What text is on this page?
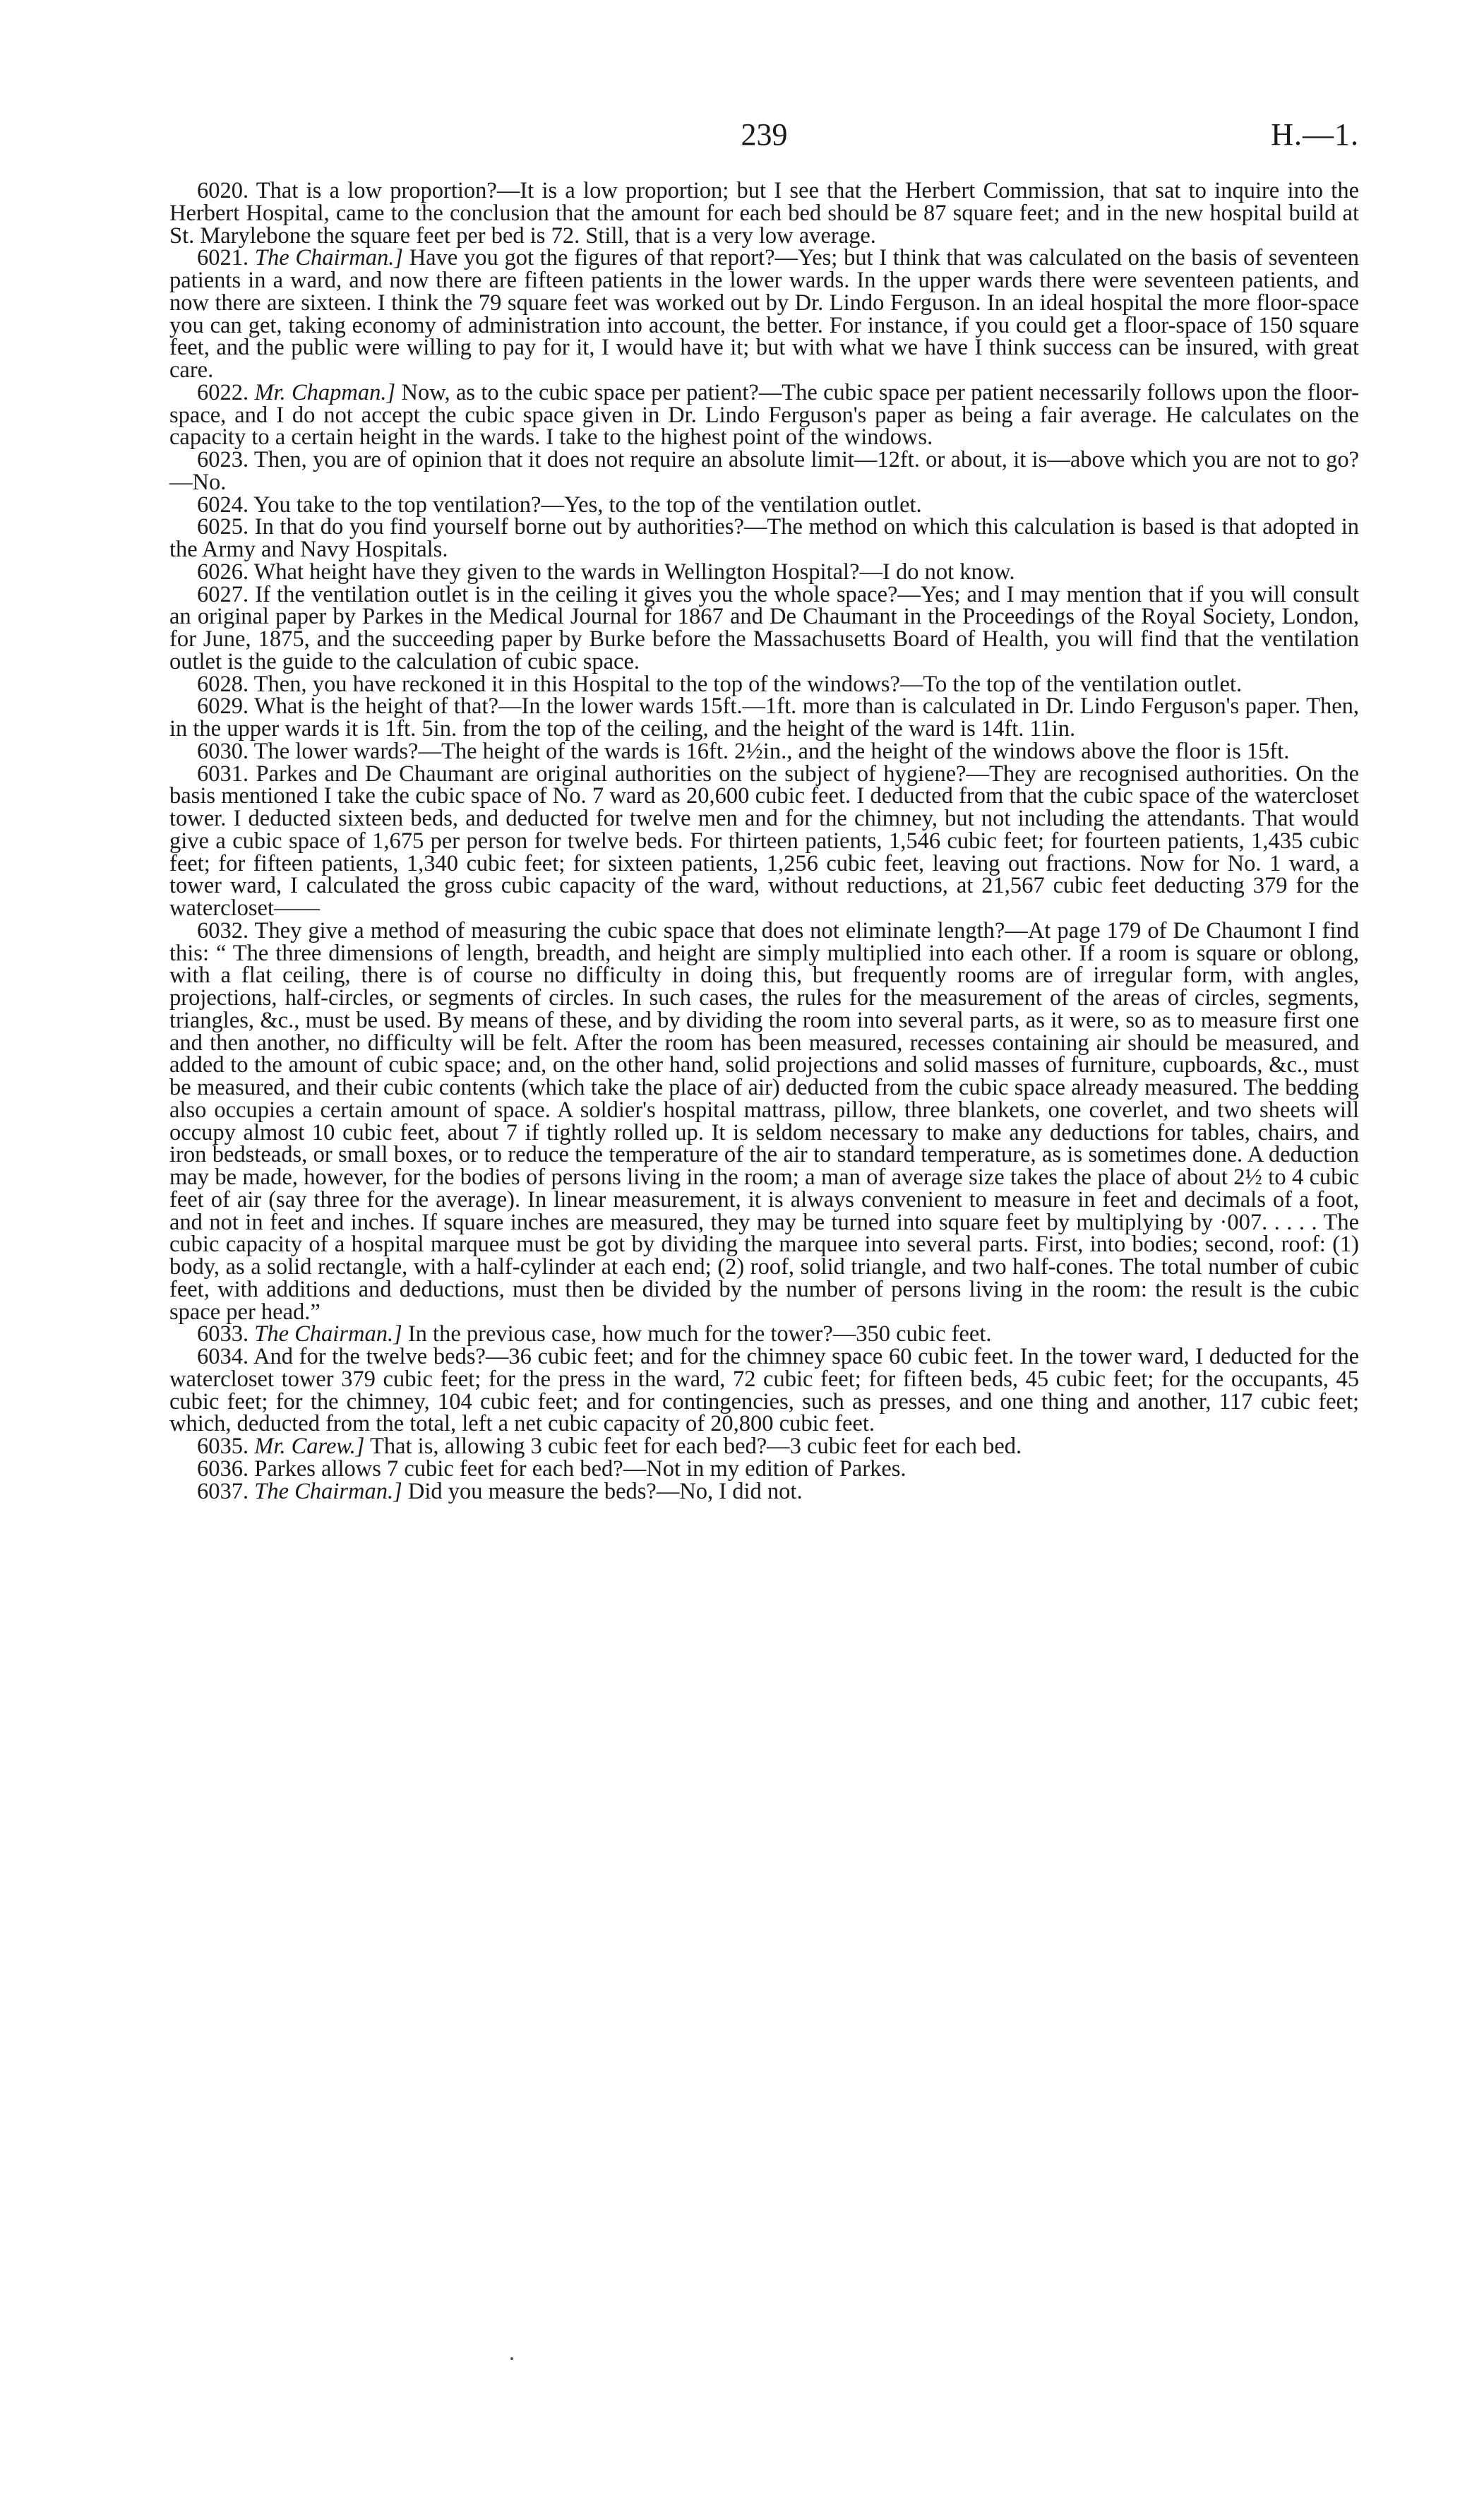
239	H.—1.

6020. That is a low proportion?—It is a low proportion; but I see that the Herbert Commission, that sat to inquire into the Herbert Hospital, came to the conclusion that the amount for each bed should be 87 square feet; and in the new hospital build at St. Marylebone the square feet per bed is 72. Still, that is a very low average.

6021. The Chairman.] Have you got the figures of that report?—Yes; but I think that was calculated on the basis of seventeen patients in a ward, and now there are fifteen patients in the lower wards. In the upper wards there were seventeen patients, and now there are sixteen. I think the 79 square feet was worked out by Dr. Lindo Ferguson. In an ideal hospital the more floor-space you can get, taking economy of administration into account, the better. For instance, if you could get a floor-space of 150 square feet, and the public were willing to pay for it, I would have it; but with what we have I think success can be insured, with great care.

6022. Mr. Chapman.] Now, as to the cubic space per patient?—The cubic space per patient necessarily follows upon the floor-space, and I do not accept the cubic space given in Dr. Lindo Ferguson's paper as being a fair average. He calculates on the capacity to a certain height in the wards. I take to the highest point of the windows.

6023. Then, you are of opinion that it does not require an absolute limit—12ft. or about, it is—above which you are not to go?—No.

6024. You take to the top ventilation?—Yes, to the top of the ventilation outlet.

6025. In that do you find yourself borne out by authorities?—The method on which this calculation is based is that adopted in the Army and Navy Hospitals.

6026. What height have they given to the wards in Wellington Hospital?—I do not know.

6027. If the ventilation outlet is in the ceiling it gives you the whole space?—Yes; and I may mention that if you will consult an original paper by Parkes in the Medical Journal for 1867 and De Chaumant in the Proceedings of the Royal Society, London, for June, 1875, and the succeeding paper by Burke before the Massachusetts Board of Health, you will find that the ventilation outlet is the guide to the calculation of cubic space.

6028. Then, you have reckoned it in this Hospital to the top of the windows?—To the top of the ventilation outlet.

6029. What is the height of that?—In the lower wards 15ft.—1ft. more than is calculated in Dr. Lindo Ferguson's paper. Then, in the upper wards it is 1ft. 5in. from the top of the ceiling, and the height of the ward is 14ft. 11in.

6030. The lower wards?—The height of the wards is 16ft. 2½in., and the height of the windows above the floor is 15ft.

6031. Parkes and De Chaumant are original authorities on the subject of hygiene?—They are recognised authorities. On the basis mentioned I take the cubic space of No. 7 ward as 20,600 cubic feet. I deducted from that the cubic space of the watercloset tower. I deducted sixteen beds, and deducted for twelve men and for the chimney, but not including the attendants. That would give a cubic space of 1,675 per person for twelve beds. For thirteen patients, 1,546 cubic feet; for fourteen patients, 1,435 cubic feet; for fifteen patients, 1,340 cubic feet; for sixteen patients, 1,256 cubic feet, leaving out fractions. Now for No. 1 ward, a tower ward, I calculated the gross cubic capacity of the ward, without reductions, at 21,567 cubic feet deducting 379 for the watercloset——

6032. They give a method of measuring the cubic space that does not eliminate length?—At page 179 of De Chaumont I find this: “ The three dimensions of length, breadth, and height are simply multiplied into each other. If a room is square or oblong, with a flat ceiling, there is of course no difficulty in doing this, but frequently rooms are of irregular form, with angles, projections, half-circles, or segments of circles. In such cases, the rules for the measurement of the areas of circles, segments, triangles, &c., must be used. By means of these, and by dividing the room into several parts, as it were, so as to measure first one and then another, no difficulty will be felt. After the room has been measured, recesses containing air should be measured, and added to the amount of cubic space; and, on the other hand, solid projections and solid masses of furniture, cupboards, &c., must be measured, and their cubic contents (which take the place of air) deducted from the cubic space already measured. The bedding also occupies a certain amount of space. A soldier's hospital mattrass, pillow, three blankets, one coverlet, and two sheets will occupy almost 10 cubic feet, about 7 if tightly rolled up. It is seldom necessary to make any deductions for tables, chairs, and iron bedsteads, or small boxes, or to reduce the temperature of the air to standard temperature, as is sometimes done. A deduction may be made, however, for the bodies of persons living in the room; a man of average size takes the place of about 2½ to 4 cubic feet of air (say three for the average). In linear measurement, it is always convenient to measure in feet and decimals of a foot, and not in feet and inches. If square inches are measured, they may be turned into square feet by multiplying by ·007. . . . . The cubic capacity of a hospital marquee must be got by dividing the marquee into several parts. First, into bodies; second, roof: (1) body, as a solid rectangle, with a half-cylinder at each end; (2) roof, solid triangle, and two half-cones. The total number of cubic feet, with additions and deductions, must then be divided by the number of persons living in the room: the result is the cubic space per head.”

6033. The Chairman.] In the previous case, how much for the tower?—350 cubic feet.

6034. And for the twelve beds?—36 cubic feet; and for the chimney space 60 cubic feet. In the tower ward, I deducted for the watercloset tower 379 cubic feet; for the press in the ward, 72 cubic feet; for fifteen beds, 45 cubic feet; for the occupants, 45 cubic feet; for the chimney, 104 cubic feet; and for contingencies, such as presses, and one thing and another, 117 cubic feet; which, deducted from the total, left a net cubic capacity of 20,800 cubic feet.

6035. Mr. Carew.] That is, allowing 3 cubic feet for each bed?—3 cubic feet for each bed.

6036. Parkes allows 7 cubic feet for each bed?—Not in my edition of Parkes.

6037. The Chairman.] Did you measure the beds?—No, I did not.
